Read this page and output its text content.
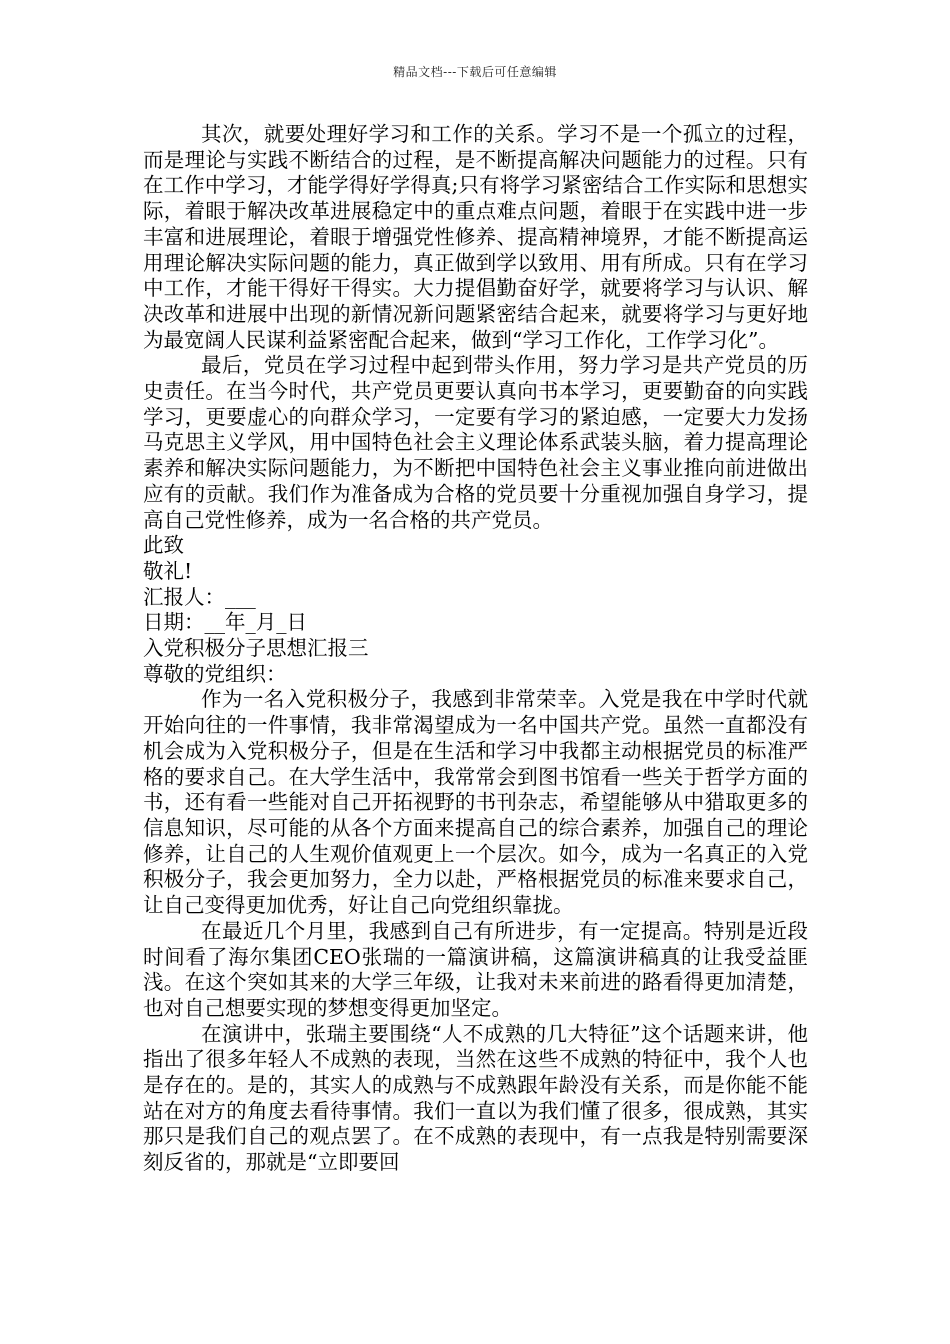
精品文档---下载后可任意编辑

其次，就要处理好学习和工作的关系。学习不是一个孤立的过程，而是理论与实践不断结合的过程，是不断提高解决问题能力的过程。只有在工作中学习，才能学得好学得真;只有将学习紧密结合工作实际和思想实际，着眼于解决改革进展稳定中的重点难点问题，着眼于在实践中进一步丰富和进展理论，着眼于增强党性修养、提高精神境界，才能不断提高运用理论解决实际问题的能力，真正做到学以致用、用有所成。只有在学习中工作，才能干得好干得实。大力提倡勤奋好学，就要将学习与认识、解决改革和进展中出现的新情况新问题紧密结合起来，就要将学习与更好地为最宽阔人民谋利益紧密配合起来，做到“学习工作化，工作学习化”。

最后，党员在学习过程中起到带头作用，努力学习是共产党员的历史责任。在当今时代，共产党员更要认真向书本学习，更要勤奋的向实践学习，更要虚心的向群众学习，一定要有学习的紧迫感，一定要大力发扬马克思主义学风，用中国特色社会主义理论体系武装头脑，着力提高理论素养和解决实际问题能力，为不断把中国特色社会主义事业推向前进做出应有的贡献。我们作为准备成为合格的党员要十分重视加强自身学习，提高自己党性修养，成为一名合格的共产党员。

此致

敬礼!

汇报人：___

日期：__年_月_日

入党积极分子思想汇报三

尊敬的党组织：

作为一名入党积极分子，我感到非常荣幸。入党是我在中学时代就开始向往的一件事情，我非常渴望成为一名中国共产党。虽然一直都没有机会成为入党积极分子，但是在生活和学习中我都主动根据党员的标准严格的要求自己。在大学生活中，我常常会到图书馆看一些关于哲学方面的书，还有看一些能对自己开拓视野的书刊杂志，希望能够从中猎取更多的信息知识，尽可能的从各个方面来提高自己的综合素养，加强自己的理论修养，让自己的人生观价值观更上一个层次。如今，成为一名真正的入党积极分子，我会更加努力，全力以赴，严格根据党员的标准来要求自己，让自己变得更加优秀，好让自己向党组织靠拢。

在最近几个月里，我感到自己有所进步，有一定提高。特别是近段时间看了海尔集团CEO张瑞的一篇演讲稿，这篇演讲稿真的让我受益匪浅。在这个突如其来的大学三年级，让我对未来前进的路看得更加清楚，也对自己想要实现的梦想变得更加坚定。

在演讲中，张瑞主要围绕“人不成熟的几大特征”这个话题来讲，他指出了很多年轻人不成熟的表现，当然在这些不成熟的特征中，我个人也是存在的。是的，其实人的成熟与不成熟跟年龄没有关系，而是你能不能站在对方的角度去看待事情。我们一直以为我们懂了很多，很成熟，其实那只是我们自己的观点罢了。在不成熟的表现中，有一点我是特别需要深刻反省的，那就是“立即要回
